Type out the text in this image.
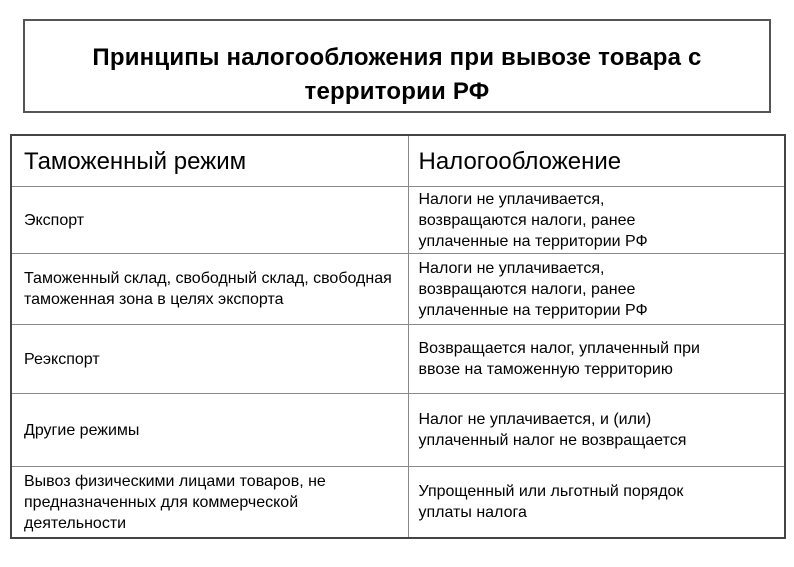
Принципы налогообложения при вывозе товара с
территории РФ

Таможенный режим	Налогообложение
Экспорт	Налоги не уплачивается,
возвращаются налоги, ранее
уплаченные на территории РФ
Таможенный склад, свободный склад, свободная таможенная зона в целях экспорта	Налоги не уплачивается,
возвращаются налоги, ранее
уплаченные на территории РФ
Реэкспорт	Возвращается налог, уплаченный при
ввозе на таможенную территорию
Другие режимы	Налог не уплачивается, и (или)
уплаченный налог не возвращается
Вывоз физическими лицами товаров, не предназначенных для коммерческой деятельности	Упрощенный или льготный порядок
уплаты налога
